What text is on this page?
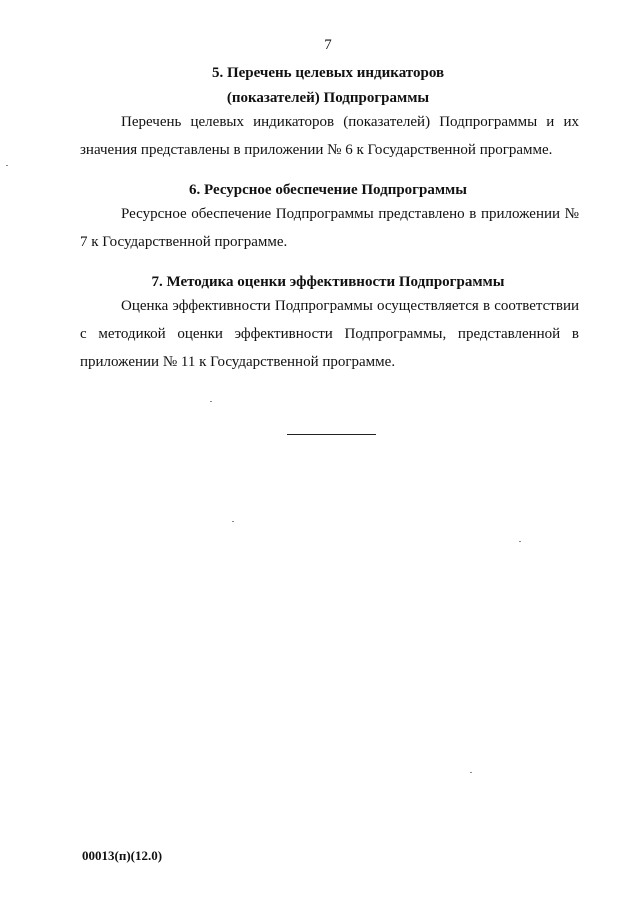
7
5. Перечень целевых индикаторов
(показателей) Подпрограммы

Перечень целевых индикаторов (показателей) Подпрограммы и их значения представлены в приложении № 6 к Государственной программе.

6. Ресурсное обеспечение Подпрограммы

Ресурсное обеспечение Подпрограммы представлено в приложении № 7 к Государственной программе.

7. Методика оценки эффективности Подпрограммы

Оценка эффективности Подпрограммы осуществляется в соответствии с методикой оценки эффективности Подпрограммы, представленной в приложении № 11 к Государственной программе.

00013(п)(12.0)
